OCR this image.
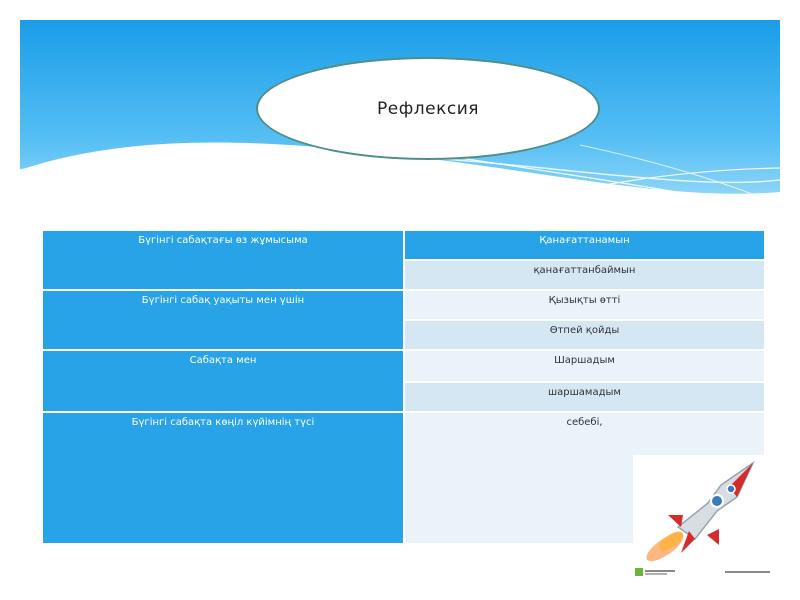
Рефлексия
Бүгінгі сабақтағы өз жұмысыма	Қанағаттанамын
	қанағаттанбаймын
Бүгінгі сабақ уақыты мен үшін	Қызықты өтті
	Өтпей қойды
Сабақта мен	Шаршадым
	шаршамадым
Бүгінгі сабақта көңіл күйімнің түсі	себебі,
